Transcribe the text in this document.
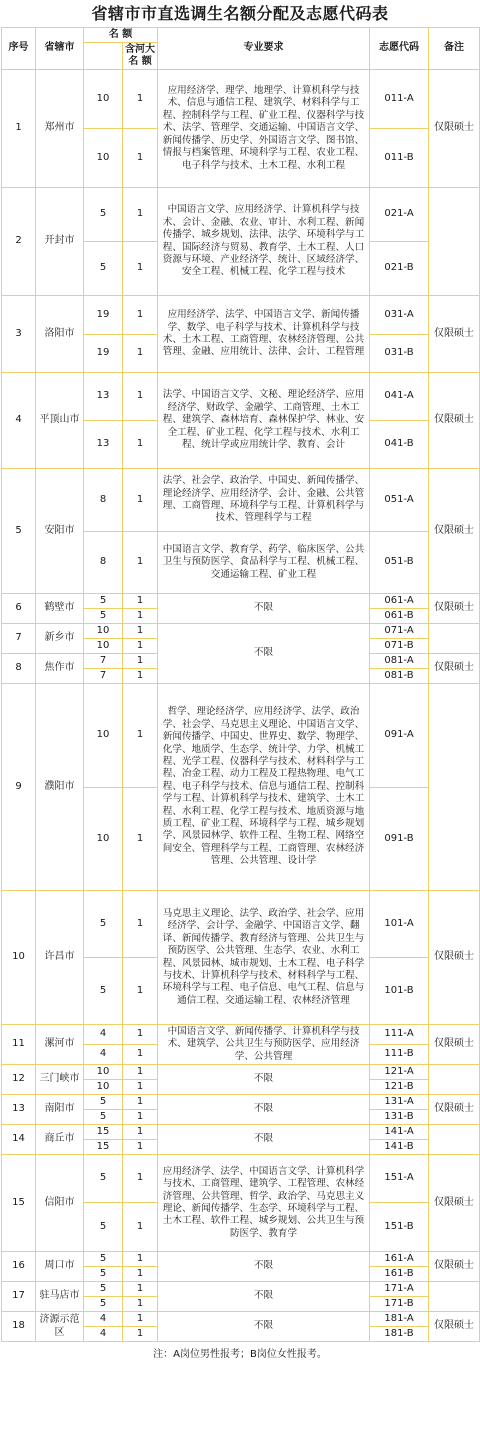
省辖市市直选调生名额分配及志愿代码表
序号	省辖市	名 额		专业要求	志愿代码	备注
			含河大名 额			
1	郑州市	10	1	应用经济学、理学、地理学、计算机科学与技术、信息与通信工程、建筑学、材料科学与工程、控制科学与工程、矿业工程、仪器科学与技术、法学、管理学、交通运输、中国语言文学、新闻传播学、历史学、外国语言文学、图书馆、情报与档案管理、环境科学与工程、农业工程、电子科学与技术、土木工程、水利工程	011-A	仅限硕士
		10	1		011-B	
2	开封市	5	1	中国语言文学、应用经济学、计算机科学与技术、会计、金融、农业、审计、水利工程、新闻传播学、城乡规划、法律、法学、环境科学与工程、国际经济与贸易、教育学、土木工程、人口资源与环境、产业经济学、统计、区域经济学、安全工程、机械工程、化学工程与技术	021-A	
		5	1		021-B	
3	洛阳市	19	1	应用经济学、法学、中国语言文学、新闻传播学、数学、电子科学与技术、计算机科学与技术、土木工程、工商管理、农林经济管理、公共管理、金融、应用统计、法律、会计、工程管理	031-A	仅限硕士
		19	1		031-B	
4	平顶山市	13	1	法学、中国语言文学、文秘、理论经济学、应用经济学、财政学、金融学、工商管理、土木工程、建筑学、森林培育、森林保护学、林业、安全工程、矿业工程、化学工程与技术、水利工程、统计学或应用统计学、教育、会计	041-A	仅限硕士
		13	1		041-B	
5	安阳市	8	1	法学、社会学、政治学、中国史、新闻传播学、理论经济学、应用经济学、会计、金融、公共管理、工商管理、环境科学与工程、计算机科学与技术、管理科学与工程	051-A	仅限硕士
		8	1	中国语言文学、教育学、药学、临床医学、公共卫生与预防医学、食品科学与工程、机械工程、交通运输工程、矿业工程	051-B	
6	鹤壁市	5	1	不限	061-A	仅限硕士
		5	1		061-B	
7	新乡市	10	1	不限	071-A	
		10	1		071-B	
8	焦作市	7	1		081-A	仅限硕士
		7	1		081-B	
9	濮阳市	10	1	哲学、理论经济学、应用经济学、法学、政治学、社会学、马克思主义理论、中国语言文学、新闻传播学、中国史、世界史、数学、物理学、化学、地质学、生态学、统计学、力学、机械工程、光学工程、仪器科学与技术、材料科学与工程、冶金工程、动力工程及工程热物理、电气工程、电子科学与技术、信息与通信工程、控制科学与工程、计算机科学与技术、建筑学、土木工程、水利工程、化学工程与技术、地质资源与地质工程、矿业工程、环境科学与工程、城乡规划学、风景园林学、软件工程、生物工程、网络空间安全、管理科学与工程、工商管理、农林经济管理、公共管理、设计学	091-A	
		10	1		091-B	
10	许昌市	5	1	马克思主义理论、法学、政治学、社会学、应用经济学、会计学、金融学、中国语言文学、翻译、新闻传播学、教育经济与管理、公共卫生与预防医学、公共管理、生态学、农业、水利工程、风景园林、城市规划、土木工程、电子科学与技术、计算机科学与技术、材料科学与工程、环境科学与工程、电子信息、电气工程、信息与通信工程、交通运输工程、农林经济管理	101-A	仅限硕士
		5	1		101-B	
11	漯河市	4	1	中国语言文学、新闻传播学、计算机科学与技术、建筑学、公共卫生与预防医学、应用经济学、公共管理	111-A	仅限硕士
		4	1		111-B	
12	三门峡市	10	1	不限	121-A	
		10	1		121-B	
13	南阳市	5	1	不限	131-A	仅限硕士
		5	1		131-B	
14	商丘市	15	1	不限	141-A	
		15	1		141-B	
15	信阳市	5	1	应用经济学、法学、中国语言文学、计算机科学与技术、工商管理、建筑学、工程管理、农林经济管理、公共管理、哲学、政治学、马克思主义理论、新闻传播学、生态学、环境科学与工程、土木工程、软件工程、城乡规划、公共卫生与预防医学、教育学	151-A	仅限硕士
		5	1		151-B	
16	周口市	5	1	不限	161-A	仅限硕士
		5	1		161-B	
17	驻马店市	5	1	不限	171-A	
		5	1		171-B	
18	济源示范区	4	1	不限	181-A	仅限硕士
		4	1		181-B	
注：A岗位男性报考；B岗位女性报考。
